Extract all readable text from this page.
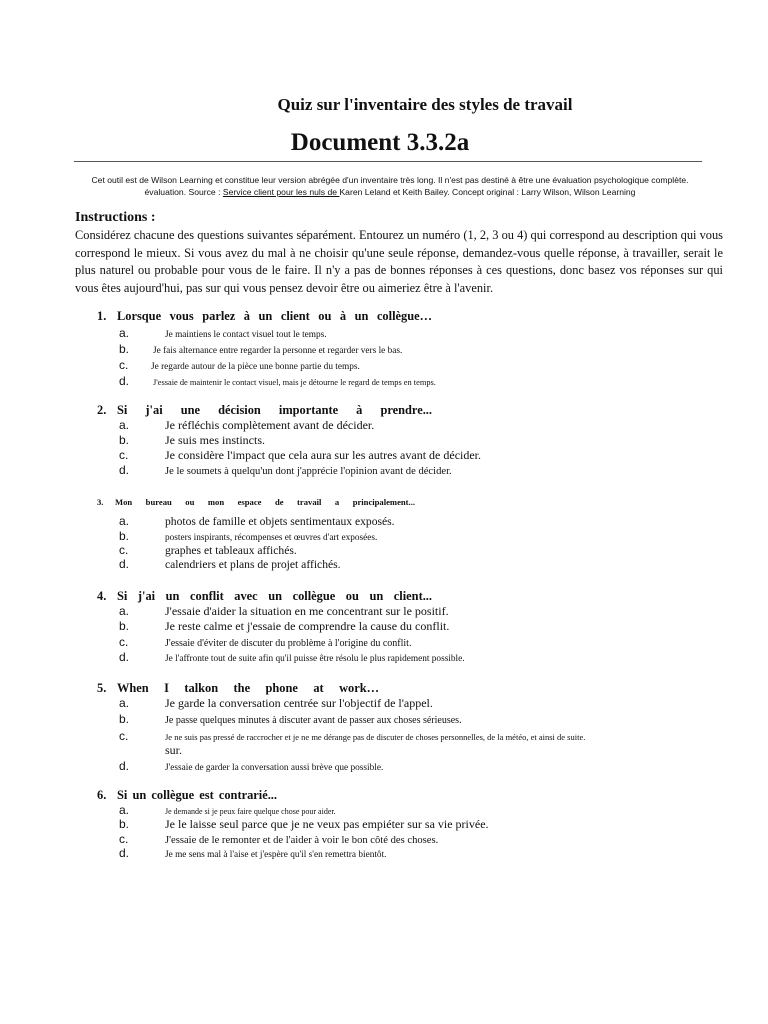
Quiz sur l'inventaire des styles de travail
Document 3.3.2a
Cet outil est de Wilson Learning et constitue leur version abrégée d'un inventaire très long. Il n'est pas destiné à être une évaluation psychologique complète.
évaluation. Source : Service client pour les nuls de Karen Leland et Keith Bailey. Concept original : Larry Wilson, Wilson Learning
Instructions :
Considérez chacune des questions suivantes séparément. Entourez un numéro (1, 2, 3 ou 4) qui correspond au description qui vous correspond le mieux. Si vous avez du mal à ne choisir qu'une seule réponse, demandez-vous quelle réponse, à travailler, serait le plus naturel ou probable pour vous de le faire. Il n'y a pas de bonnes réponses à ces questions, donc basez vos réponses sur qui vous êtes aujourd'hui, pas sur qui vous pensez devoir être ou aimeriez être à l'avenir.
1. Lorsque vous parlez à un client ou à un collègue…
a.	Je maintiens le contact visuel tout le temps.
b.	Je fais alternance entre regarder la personne et regarder vers le bas.
c.	Je regarde autour de la pièce une bonne partie du temps.
d.	J'essaie de maintenir le contact visuel, mais je détourne le regard de temps en temps.
2. Si j'ai une décision importante à prendre...
a.	Je réfléchis complètement avant de décider.
b.	Je suis mes instincts.
c.	Je considère l'impact que cela aura sur les autres avant de décider.
d.	Je le soumets à quelqu'un dont j'apprécie l'opinion avant de décider.
3.	Mon bureau ou mon espace de travail a principalement...
a.	photos de famille et objets sentimentaux exposés.
b.	posters inspirants, récompenses et œuvres d'art exposées.
c.	graphes et tableaux affichés.
d.	calendriers et plans de projet affichés.
4. Si j'ai un conflit avec un collègue ou un client...
a.	J'essaie d'aider la situation en me concentrant sur le positif.
b.	Je reste calme et j'essaie de comprendre la cause du conflit.
c.	J'essaie d'éviter de discuter du problème à l'origine du conflit.
d.	Je l'affronte tout de suite afin qu'il puisse être résolu le plus rapidement possible.
5. When I talkon the phone at work…
a.	Je garde la conversation centrée sur l'objectif de l'appel.
b.	Je passe quelques minutes à discuter avant de passer aux choses sérieuses.
c.	Je ne suis pas pressé de raccrocher et je ne me dérange pas de discuter de choses personnelles, de la météo, et ainsi de suite.
sur.
d.	J'essaie de garder la conversation aussi brève que possible.
6. Si un collègue est contrarié...
a.	Je demande si je peux faire quelque chose pour aider.
b.	Je le laisse seul parce que je ne veux pas empiéter sur sa vie privée.
c.	J'essaie de le remonter et de l'aider à voir le bon côté des choses.
d.	Je me sens mal à l'aise et j'espère qu'il s'en remettra bientôt.
